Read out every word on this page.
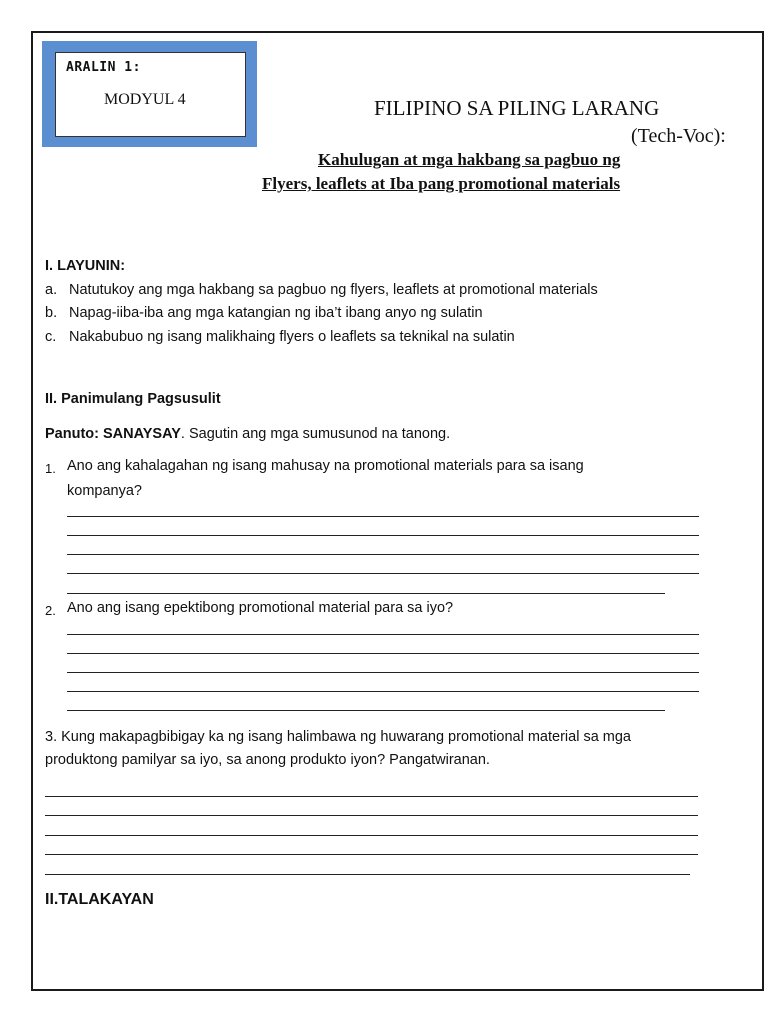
ARALIN 1:
MODYUL 4	FILIPINO SA PILING LARANG
(Tech-Voc):
Kahulugan at mga hakbang sa pagbuo ng
Flyers, leaflets at Iba pang promotional materials
I. LAYUNIN:
a. Natutukoy ang mga hakbang sa pagbuo ng flyers, leaflets at promotional materials
b. Napag-iiba-iba ang mga katangian ng iba’t ibang anyo ng sulatin
c. Nakabubuo ng isang malikhaing flyers o leaflets sa teknikal na sulatin
II. Panimulang Pagsusulit
Panuto: SANAYSAY. Sagutin ang mga sumusunod na tanong.
1. Ano ang kahalagahan ng isang mahusay na promotional materials para sa isang
kompanya?
2. Ano ang isang epektibong promotional material para sa iyo?
3. Kung makapagbibigay ka ng isang halimbawa ng huwarang promotional material sa mga
produktong pamilyar sa iyo, sa anong produkto iyon? Pangatwiranan.
II.TALAKAYAN
